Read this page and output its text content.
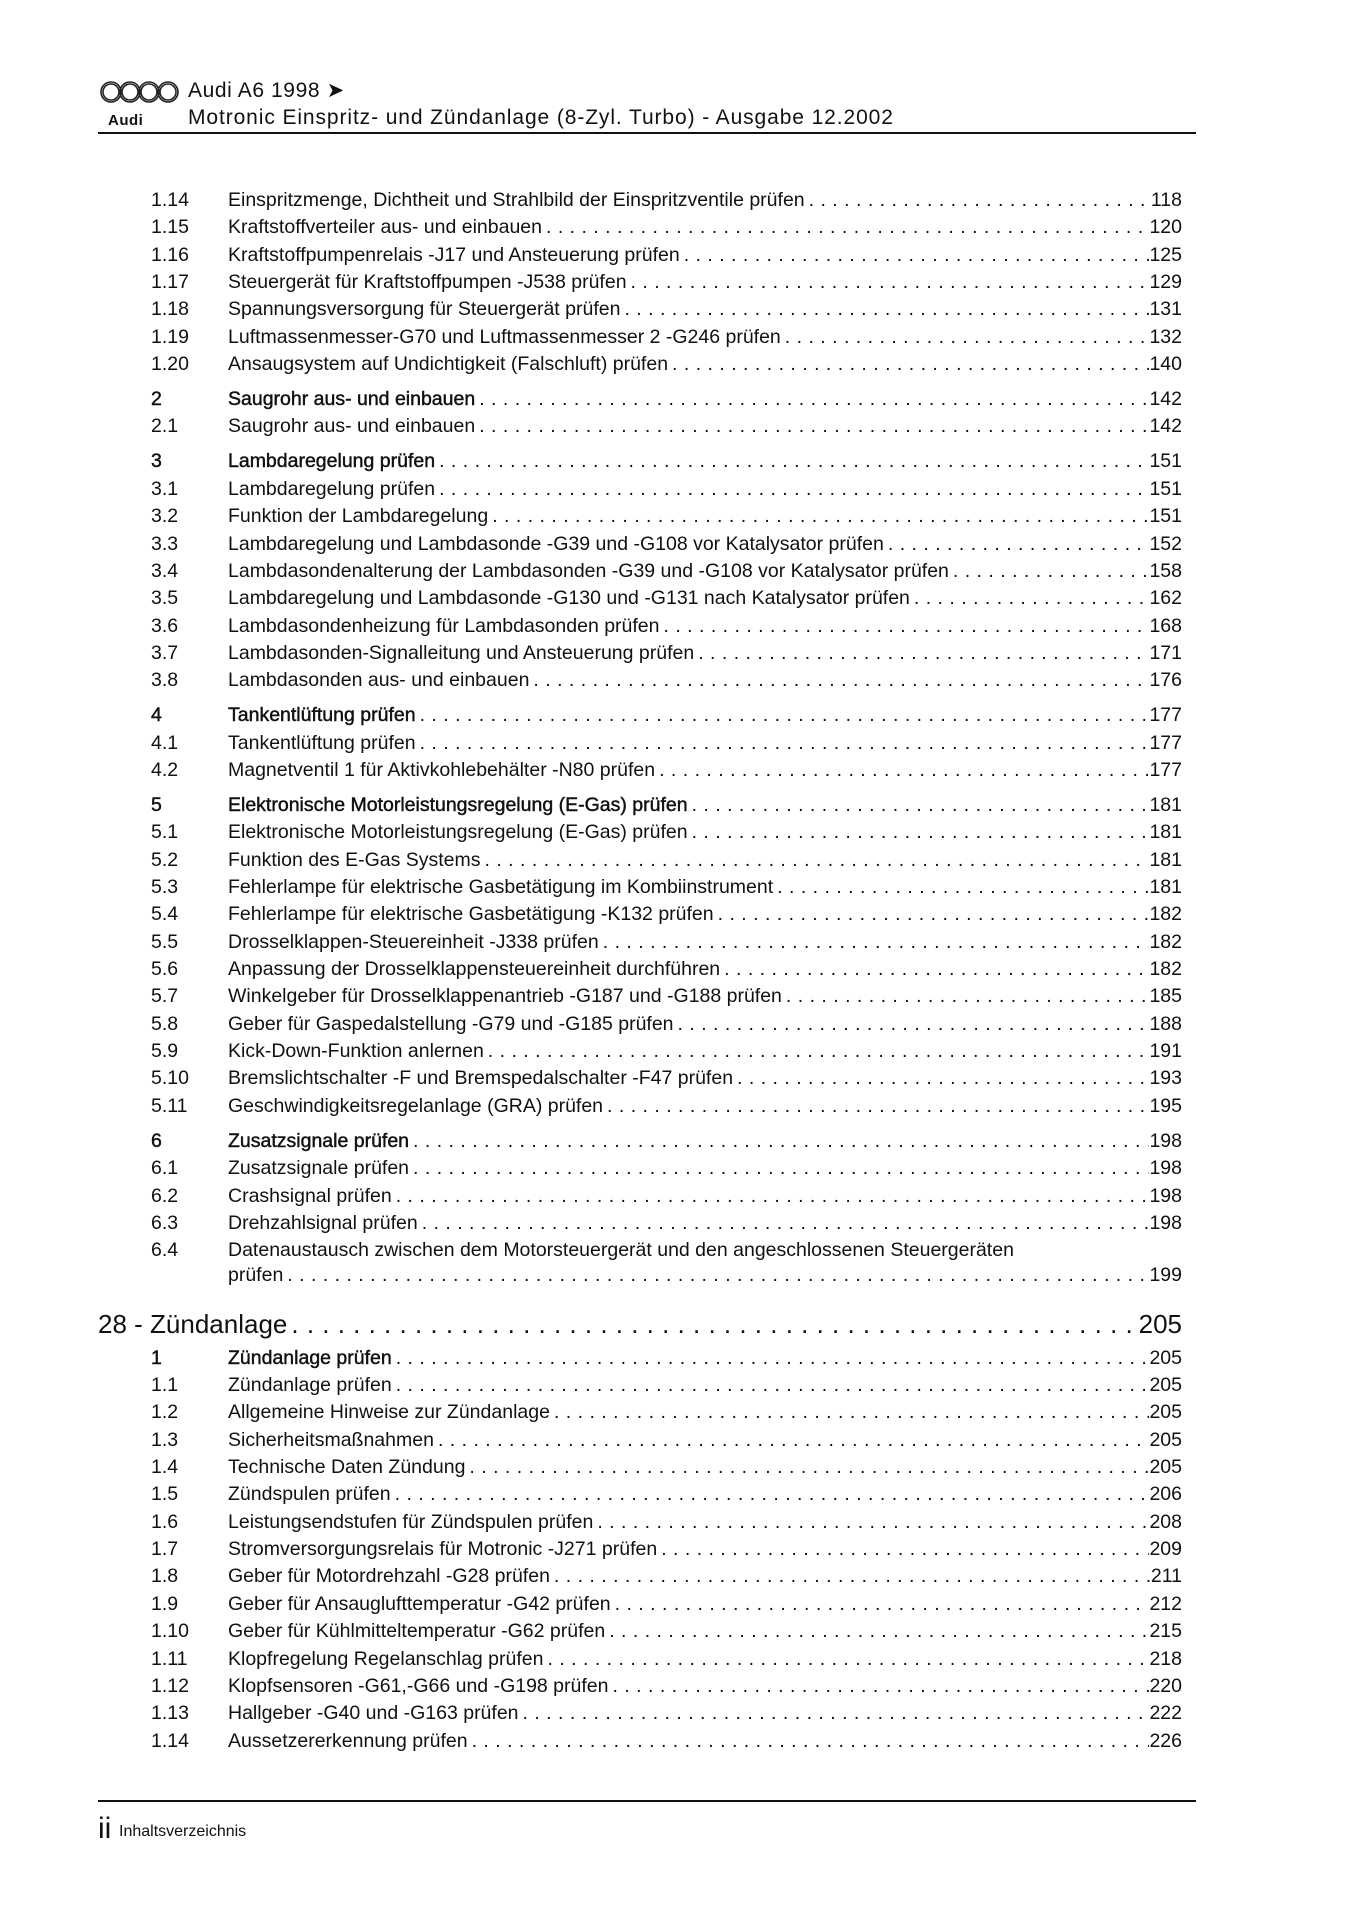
Audi A6 1998 ➤
Audi Motronic Einspritz- und Zündanlage (8-Zyl. Turbo) - Ausgabe 12.2002
1.14	Einspritzmenge, Dichtheit und Strahlbild der Einspritzventile prüfen . . .	118
1.15	Kraftstoffverteiler aus- und einbauen . . .	120
1.16	Kraftstoffpumpenrelais -J17 und Ansteuerung prüfen . . .	125
1.17	Steuergerät für Kraftstoffpumpen -J538 prüfen . . .	129
1.18	Spannungsversorgung für Steuergerät prüfen . . .	131
1.19	Luftmassenmesser-G70 und Luftmassenmesser 2 -G246 prüfen . . .	132
1.20	Ansaugsystem auf Undichtigkeit (Falschluft) prüfen . . .	140
2	Saugrohr aus- und einbauen . . .	142
2.1	Saugrohr aus- und einbauen . . .	142
3	Lambdaregelung prüfen . . .	151
3.1	Lambdaregelung prüfen . . .	151
3.2	Funktion der Lambdaregelung . . .	151
3.3	Lambdaregelung und Lambdasonde -G39 und -G108 vor Katalysator prüfen . . .	152
3.4	Lambdasondenalterung der Lambdasonden -G39 und -G108 vor Katalysator prüfen . . .	158
3.5	Lambdaregelung und Lambdasonde -G130 und -G131 nach Katalysator prüfen . . .	162
3.6	Lambdasondenheizung für Lambdasonden prüfen . . .	168
3.7	Lambdasonden-Signalleitung und Ansteuerung prüfen . . .	171
3.8	Lambdasonden aus- und einbauen . . .	176
4	Tankentlüftung prüfen . . .	177
4.1	Tankentlüftung prüfen . . .	177
4.2	Magnetventil 1 für Aktivkohlebehälter -N80 prüfen . . .	177
5	Elektronische Motorleistungsregelung (E-Gas) prüfen . . .	181
5.1	Elektronische Motorleistungsregelung (E-Gas) prüfen . . .	181
5.2	Funktion des E-Gas Systems . . .	181
5.3	Fehlerlampe für elektrische Gasbetätigung im Kombiinstrument . . .	181
5.4	Fehlerlampe für elektrische Gasbetätigung -K132 prüfen . . .	182
5.5	Drosselklappen-Steuereinheit -J338 prüfen . . .	182
5.6	Anpassung der Drosselklappensteuereinheit durchführen . . .	182
5.7	Winkelgeber für Drosselklappenantrieb -G187 und -G188 prüfen . . .	185
5.8	Geber für Gaspedalstellung -G79 und -G185 prüfen . . .	188
5.9	Kick-Down-Funktion anlernen . . .	191
5.10	Bremslichtschalter -F und Bremspedalschalter -F47 prüfen . . .	193
5.11	Geschwindigkeitsregelanlage (GRA) prüfen . . .	195
6	Zusatzsignale prüfen . . .	198
6.1	Zusatzsignale prüfen . . .	198
6.2	Crashsignal prüfen . . .	198
6.3	Drehzahlsignal prüfen . . .	198
6.4	Datenaustausch zwischen dem Motorsteuergerät und den angeschlossenen Steuergeräten
prüfen . . .	199
28 - Zündanlage . . .	205
1	Zündanlage prüfen . . .	205
1.1	Zündanlage prüfen . . .	205
1.2	Allgemeine Hinweise zur Zündanlage . . .	205
1.3	Sicherheitsmaßnahmen . . .	205
1.4	Technische Daten Zündung . . .	205
1.5	Zündspulen prüfen . . .	206
1.6	Leistungsendstufen für Zündspulen prüfen . . .	208
1.7	Stromversorgungsrelais für Motronic -J271 prüfen . . .	209
1.8	Geber für Motordrehzahl -G28 prüfen . . .	211
1.9	Geber für Ansauglufttemperatur -G42 prüfen . . .	212
1.10	Geber für Kühlmitteltemperatur -G62 prüfen . . .	215
1.11	Klopfregelung Regelanschlag prüfen . . .	218
1.12	Klopfsensoren -G61,-G66 und -G198 prüfen . . .	220
1.13	Hallgeber -G40 und -G163 prüfen . . .	222
1.14	Aussetzererkennung prüfen . . .	226
ii Inhaltsverzeichnis
